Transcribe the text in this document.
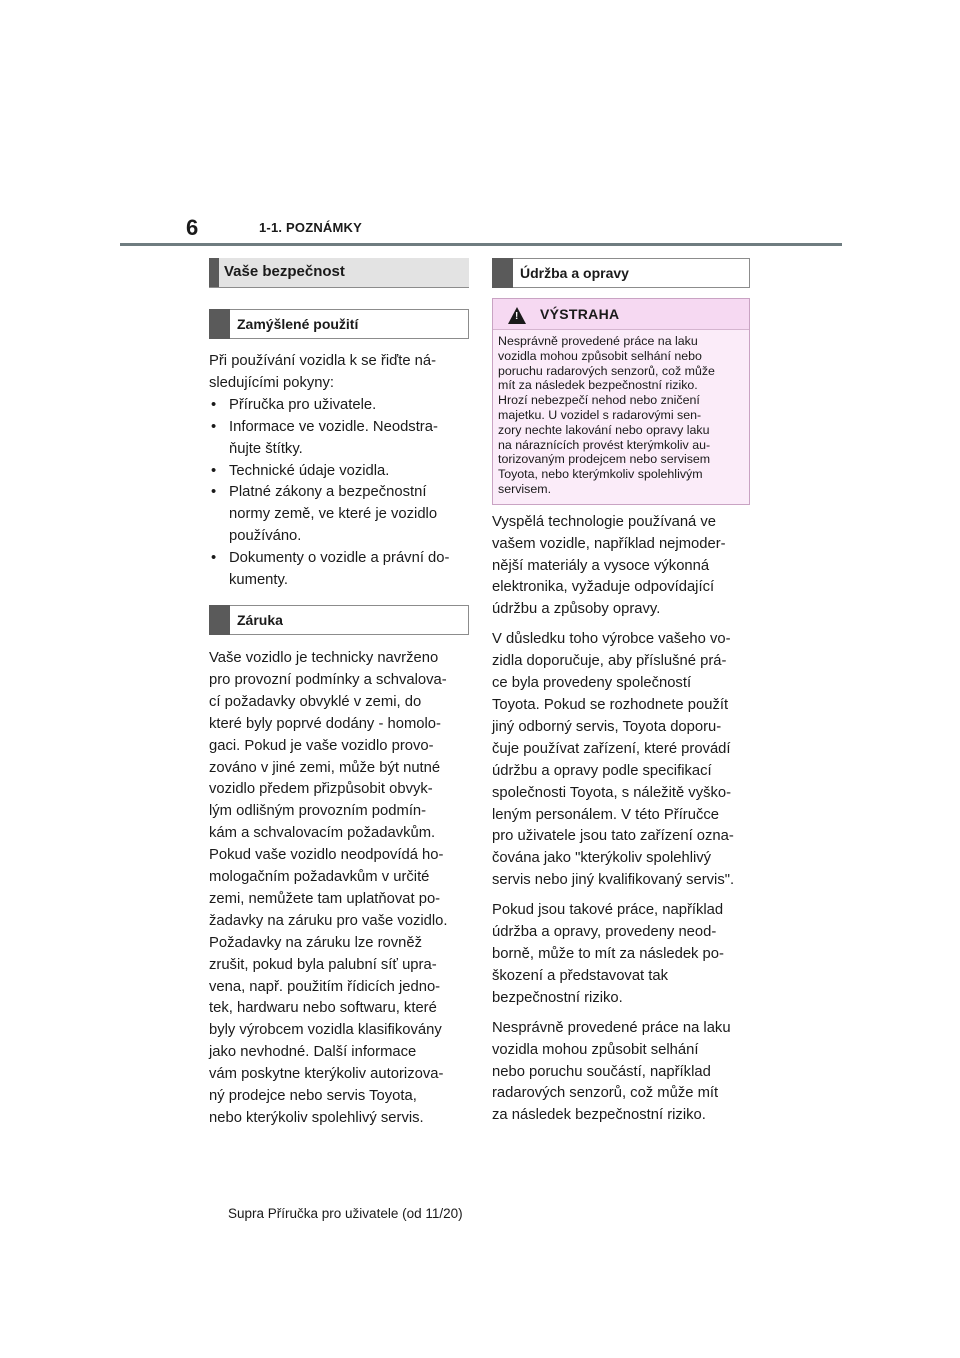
6	1-1. POZNÁMKY
Vaše bezpečnost
Zamýšlené použití

Při používání vozidla k se řiďte ná-
sledujícími pokyny:

• Příručka pro uživatele.
• Informace ve vozidle. Neodstra-
ňujte štítky.
• Technické údaje vozidla.
• Platné zákony a bezpečnostní
normy země, ve které je vozidlo
používáno.
• Dokumenty o vozidle a právní do-
kumenty.
Záruka

Vaše vozidlo je technicky navrženo
pro provozní podmínky a schvalova-
cí požadavky obvyklé v zemi, do
které byly poprvé dodány - homolo-
gaci. Pokud je vaše vozidlo provo-
zováno v jiné zemi, může být nutné
vozidlo předem přizpůsobit obvyk-
lým odlišným provozním podmín-
kám a schvalovacím požadavkům.
Pokud vaše vozidlo neodpovídá ho-
mologačním požadavkům v určité
zemi, nemůžete tam uplatňovat po-
žadavky na záruku pro vaše vozidlo.
Požadavky na záruku lze rovněž
zrušit, pokud byla palubní síť upra-
vena, např. použitím řídicích jedno-
tek, hardwaru nebo softwaru, které
byly výrobcem vozidla klasifikovány
jako nevhodné. Další informace
vám poskytne kterýkoliv autorizova-
ný prodejce nebo servis Toyota,
nebo kterýkoliv spolehlivý servis.

Údržba a opravy
! VÝSTRAHA
Nesprávně provedené práce na laku
vozidla mohou způsobit selhání nebo
poruchu radarových senzorů, což může
mít za následek bezpečnostní riziko.
Hrozí nebezpečí nehod nebo zničení
majetku. U vozidel s radarovými sen-
zory nechte lakování nebo opravy laku
na náraznících provést kterýmkoliv au-
torizovaným prodejcem nebo servisem
Toyota, nebo kterýmkoliv spolehlivým
servisem.

Vyspělá technologie používaná ve
vašem vozidle, například nejmoder-
nější materiály a vysoce výkonná
elektronika, vyžaduje odpovídající
údržbu a způsoby opravy.

V důsledku toho výrobce vašeho vo-
zidla doporučuje, aby příslušné prá-
ce byla provedeny společností
Toyota. Pokud se rozhodnete použít
jiný odborný servis, Toyota doporu-
čuje používat zařízení, které provádí
údržbu a opravy podle specifikací
společnosti Toyota, s náležitě vyško-
leným personálem. V této Příručce
pro uživatele jsou tato zařízení ozna-
čována jako "kterýkoliv spolehlivý
servis nebo jiný kvalifikovaný servis".

Pokud jsou takové práce, například
údržba a opravy, provedeny neod-
borně, může to mít za následek po-
škození a představovat tak
bezpečnostní riziko.

Nesprávně provedené práce na laku
vozidla mohou způsobit selhání
nebo poruchu součástí, například
radarových senzorů, což může mít
za následek bezpečnostní riziko.

Supra Příručka pro uživatele (od 11/20)
